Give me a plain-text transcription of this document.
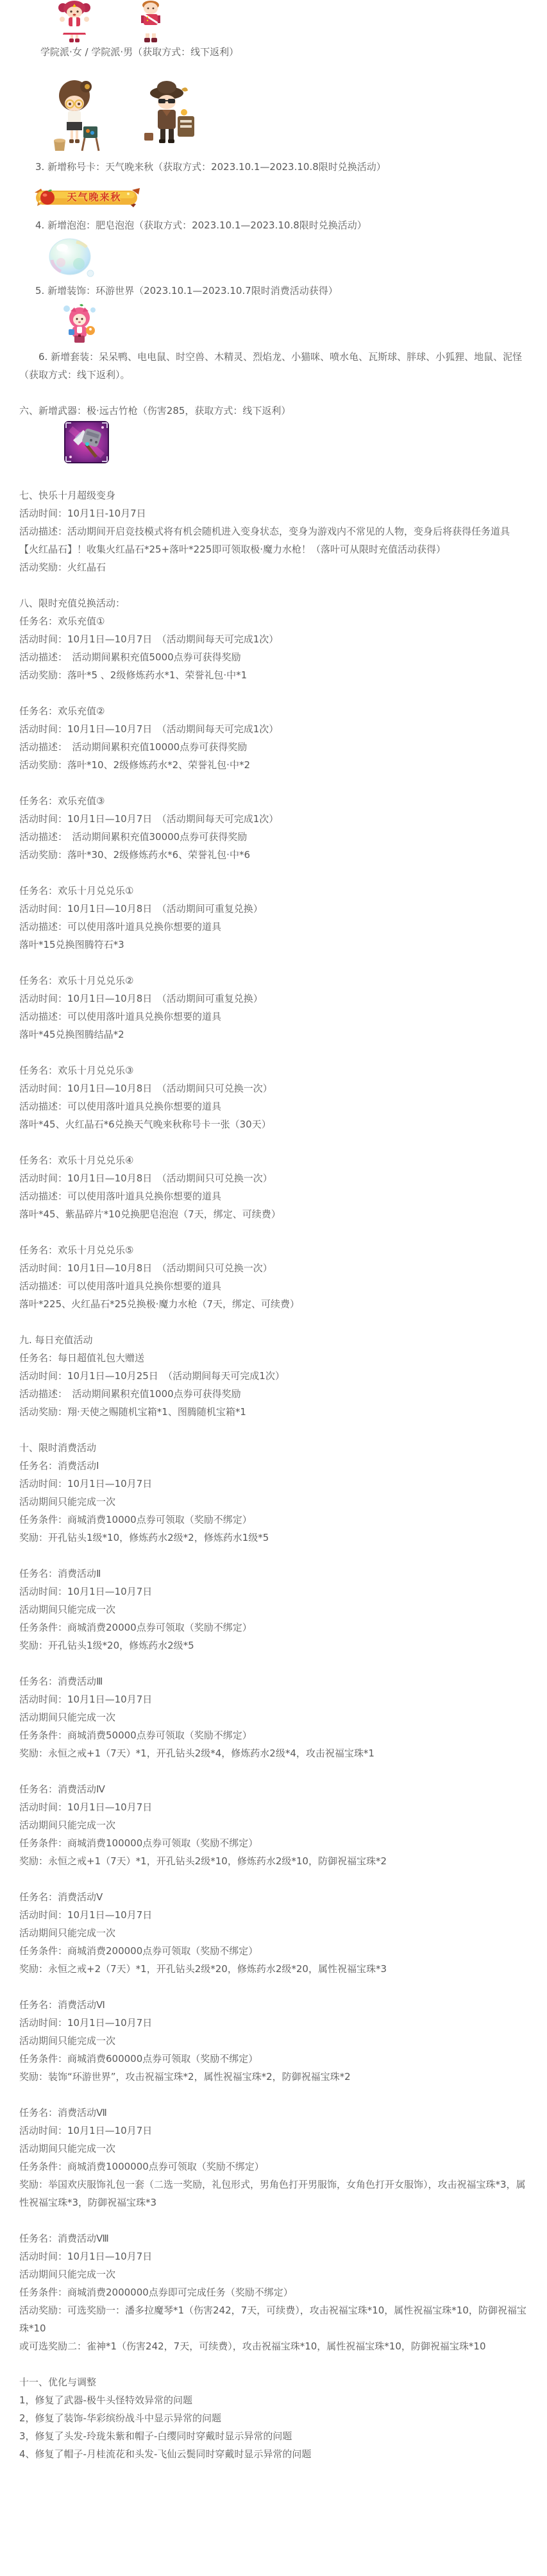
学院派·女 / 学院派·男（获取方式：线下返利）
3. 新增称号卡：天气晚来秋（获取方式：2023.10.1—2023.10.8限时兑换活动）
天气晚来秋
4. 新增泡泡：肥皂泡泡（获取方式：2023.10.1—2023.10.8限时兑换活动）
5. 新增装饰：环游世界（2023.10.1—2023.10.7限时消费活动获得）
6. 新增套装：呆呆鸭、电电鼠、时空兽、木精灵、烈焰龙、小猫咪、喷水龟、瓦斯球、胖球、小狐狸、地鼠、泥怪（获取方式：线下返利）。
六、新增武器：极·远古竹枪（伤害285，获取方式：线下返利）
七、快乐十月超级变身
活动时间：10月1日-10月7日
活动描述：活动期间开启竞技模式将有机会随机进入变身状态，变身为游戏内不常见的人物，变身后将获得任务道具【火红晶石】！收集火红晶石*25+落叶*225即可领取极·魔力水枪！（落叶可从限时充值活动获得）
活动奖励：火红晶石
八、限时充值兑换活动：
任务名：欢乐充值①
活动时间：10月1日—10月7日　（活动期间每天可完成1次）
活动描述：　活动期间累积充值5000点券可获得奖励
活动奖励：落叶*5 、2级修炼药水*1、荣誉礼包·中*1
任务名：欢乐充值②
活动时间：10月1日—10月7日　（活动期间每天可完成1次）
活动描述：　活动期间累积充值10000点券可获得奖励
活动奖励：落叶*10、2级修炼药水*2、荣誉礼包·中*2
任务名：欢乐充值③
活动时间：10月1日—10月7日　（活动期间每天可完成1次）
活动描述：　活动期间累积充值30000点券可获得奖励
活动奖励：落叶*30、2级修炼药水*6、荣誉礼包·中*6
任务名：欢乐十月兑兑乐①
活动时间：10月1日—10月8日　（活动期间可重复兑换）
活动描述：可以使用落叶道具兑换你想要的道具
落叶*15兑换图腾符石*3
任务名：欢乐十月兑兑乐②
活动时间：10月1日—10月8日　（活动期间可重复兑换）
活动描述：可以使用落叶道具兑换你想要的道具
落叶*45兑换图腾结晶*2
任务名：欢乐十月兑兑乐③
活动时间：10月1日—10月8日　（活动期间只可兑换一次）
活动描述：可以使用落叶道具兑换你想要的道具
落叶*45、火红晶石*6兑换天气晚来秋称号卡一张（30天）
任务名：欢乐十月兑兑乐④
活动时间：10月1日—10月8日　（活动期间只可兑换一次）
活动描述：可以使用落叶道具兑换你想要的道具
落叶*45、紫晶碎片*10兑换肥皂泡泡（7天，绑定、可续费）
任务名：欢乐十月兑兑乐⑤
活动时间：10月1日—10月8日　（活动期间只可兑换一次）
活动描述：可以使用落叶道具兑换你想要的道具
落叶*225、火红晶石*25兑换极·魔力水枪（7天，绑定、可续费）
九. 每日充值活动
任务名：每日超值礼包大赠送
活动时间：10月1日—10月25日　（活动期间每天可完成1次）
活动描述：　活动期间累积充值1000点券可获得奖励
活动奖励：翔·天使之赐随机宝箱*1、图腾随机宝箱*1
十、限时消费活动
任务名：消费活动Ⅰ
活动时间：10月1日—10月7日
活动期间只能完成一次
任务条件：商城消费10000点券可领取（奖励不绑定）
奖励：开孔钻头1级*10，修炼药水2级*2，修炼药水1级*5
任务名：消费活动Ⅱ
活动时间：10月1日—10月7日
活动期间只能完成一次
任务条件：商城消费20000点券可领取（奖励不绑定）
奖励：开孔钻头1级*20，修炼药水2级*5
任务名：消费活动Ⅲ
活动时间：10月1日—10月7日
活动期间只能完成一次
任务条件：商城消费50000点券可领取（奖励不绑定）
奖励：永恒之戒+1（7天）*1，开孔钻头2级*4，修炼药水2级*4，攻击祝福宝珠*1
任务名：消费活动Ⅳ
活动时间：10月1日—10月7日
活动期间只能完成一次
任务条件：商城消费100000点券可领取（奖励不绑定）
奖励：永恒之戒+1（7天）*1，开孔钻头2级*10，修炼药水2级*10，防御祝福宝珠*2
任务名：消费活动Ⅴ
活动时间：10月1日—10月7日
活动期间只能完成一次
任务条件：商城消费200000点券可领取（奖励不绑定）
奖励：永恒之戒+2（7天）*1，开孔钻头2级*20，修炼药水2级*20，属性祝福宝珠*3
任务名：消费活动Ⅵ
活动时间：10月1日—10月7日
活动期间只能完成一次
任务条件：商城消费600000点券可领取（奖励不绑定）
奖励：装饰“环游世界”，攻击祝福宝珠*2，属性祝福宝珠*2，防御祝福宝珠*2
任务名：消费活动Ⅶ
活动时间：10月1日—10月7日
活动期间只能完成一次
任务条件：商城消费1000000点券可领取（奖励不绑定）
奖励：举国欢庆服饰礼包一套（二选一奖励，礼包形式，男角色打开男服饰，女角色打开女服饰），攻击祝福宝珠*3，属性祝福宝珠*3，防御祝福宝珠*3
任务名：消费活动Ⅷ
活动时间：10月1日—10月7日
活动期间只能完成一次
任务条件：商城消费2000000点券即可完成任务（奖励不绑定）
活动奖励：可选奖励一：潘多拉魔琴*1（伤害242，7天，可续费），攻击祝福宝珠*10，属性祝福宝珠*10，防御祝福宝珠*10
或可选奖励二：雀神*1（伤害242，7天，可续费），攻击祝福宝珠*10，属性祝福宝珠*10，防御祝福宝珠*10
十一、优化与调整
1，修复了武器-极牛头怪特效异常的问题
2，修复了装饰-华彩缤纷战斗中显示异常的问题
3，修复了头发-玲珑朱紫和帽子-白缨同时穿戴时显示异常的问题
4、修复了帽子-月桂流花和头发-飞仙云鬓同时穿戴时显示异常的问题
